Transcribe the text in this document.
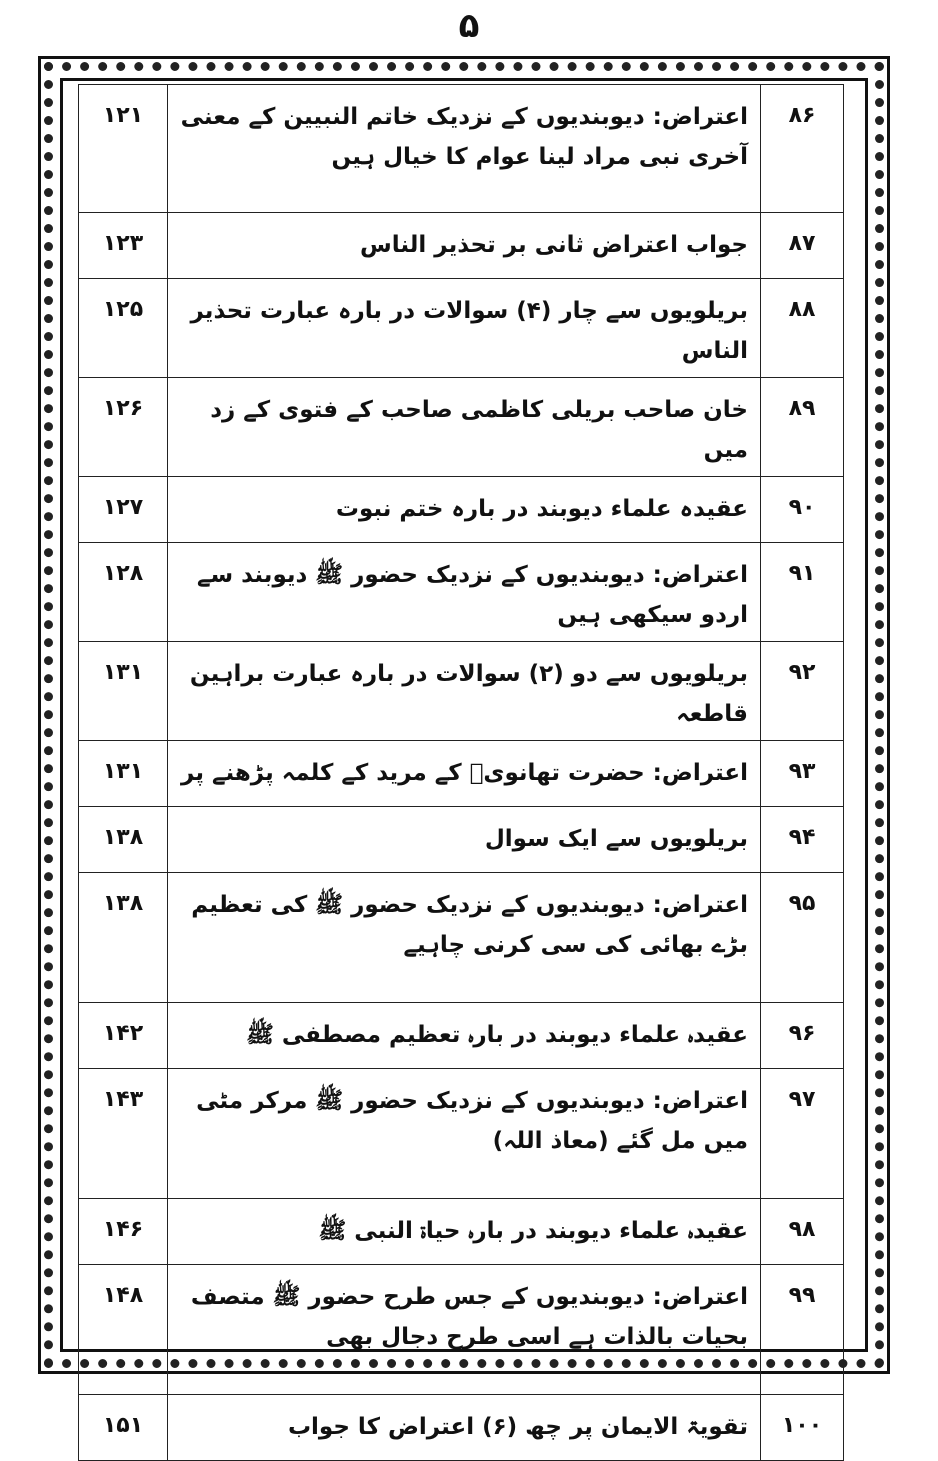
۵
۸۶	اعتراض: دیوبندیوں کے نزدیک خاتم النبیین کے معنی آخری نبی مراد لینا عوام کا خیال ہیں	۱۲۱
۸۷	جواب اعتراض ثانی بر تحذیر الناس	۱۲۳
۸۸	بریلویوں سے چار (۴) سوالات در بارہ عبارت تحذیر الناس	۱۲۵
۸۹	خان صاحب بریلی کاظمی صاحب کے فتوی کے زد میں	۱۲۶
۹۰	عقیدہ علماء دیوبند در بارہ ختم نبوت	۱۲۷
۹۱	اعتراض: دیوبندیوں کے نزدیک حضور ﷺ دیوبند سے اردو سیکھی ہیں	۱۲۸
۹۲	بریلویوں سے دو (۲) سوالات در بارہ عبارت براہین قاطعہ	۱۳۱
۹۳	اعتراض: حضرت تھانویؒ کے مرید کے کلمہ پڑھنے پر	۱۳۱
۹۴	بریلویوں سے ایک سوال	۱۳۸
۹۵	اعتراض: دیوبندیوں کے نزدیک حضور ﷺ کی تعظیم بڑے بھائی کی سی کرنی چاہیے	۱۳۸
۹۶	عقیدہ علماء دیوبند در بارہ تعظیم مصطفی ﷺ	۱۴۲
۹۷	اعتراض: دیوبندیوں کے نزدیک حضور ﷺ مرکر مٹی میں مل گئے (معاذ اللہ)	۱۴۳
۹۸	عقیدہ علماء دیوبند در بارہ حیاۃ النبی ﷺ	۱۴۶
۹۹	اعتراض: دیوبندیوں کے جس طرح حضور ﷺ متصف بحیات بالذات ہے اسی طرح دجال بھی	۱۴۸
۱۰۰	تقویۃ الایمان پر چھ (۶) اعتراض کا جواب	۱۵۱
